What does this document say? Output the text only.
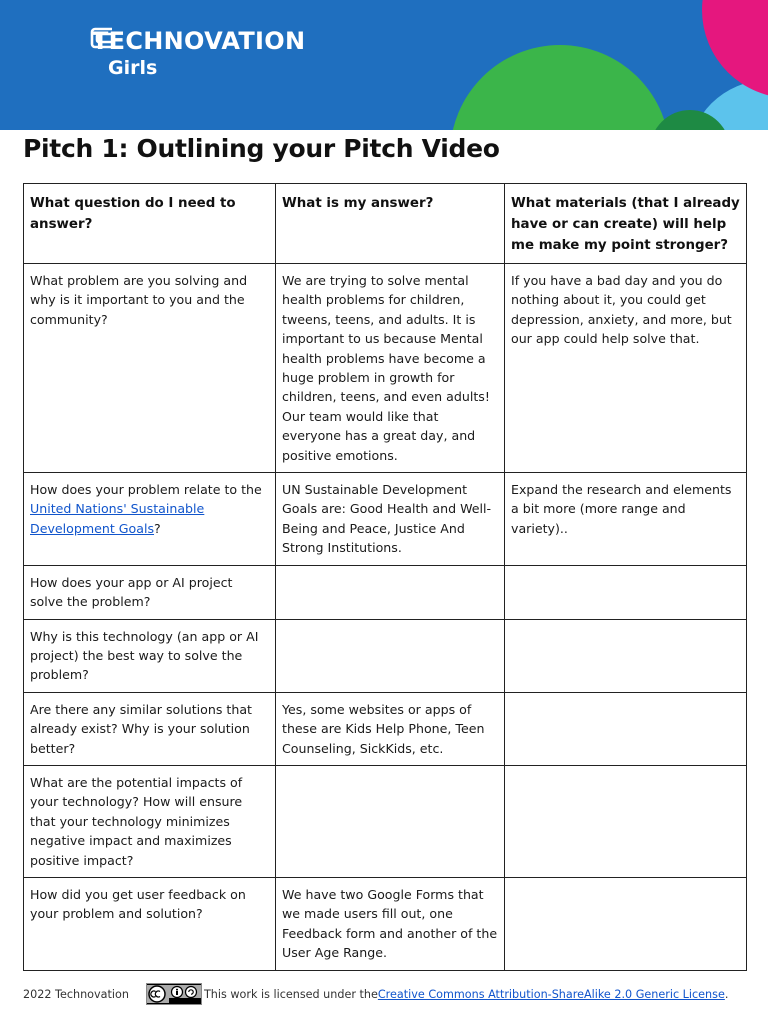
TECHNOVATION
Girls
Pitch 1: Outlining your Pitch Video
What question do I need to answer?	What is my answer?	What materials (that I already have or can create) will help me make my point stronger?
What problem are you solving and why is it important to you and the community?	We are trying to solve mental health problems for children, tweens, teens, and adults. It is important to us because Mental health problems have become a huge problem in growth for children, teens, and even adults! Our team would like that everyone has a great day, and positive emotions.	If you have a bad day and you do nothing about it, you could get depression, anxiety, and more, but our app could help solve that.
How does your problem relate to the United Nations' Sustainable Development Goals?	UN Sustainable Development Goals are: Good Health and Well-Being and Peace, Justice And Strong Institutions.	Expand the research and elements a bit more (more range and variety)..
How does your app or AI project solve the problem?		
Why is this technology (an app or AI project) the best way to solve the problem?		
Are there any similar solutions that already exist? Why is your solution better?	Yes, some websites or apps of these are Kids Help Phone, Teen Counseling, SickKids, etc.	
What are the potential impacts of your technology? How will ensure that your technology minimizes negative impact and maximizes positive impact?		
How did you get user feedback on your problem and solution?	We have two Google Forms that we made users fill out, one Feedback form and another of the User Age Range.	
2022 Technovation	This work is licensed under the Creative Commons Attribution-ShareAlike 2.0 Generic License .
